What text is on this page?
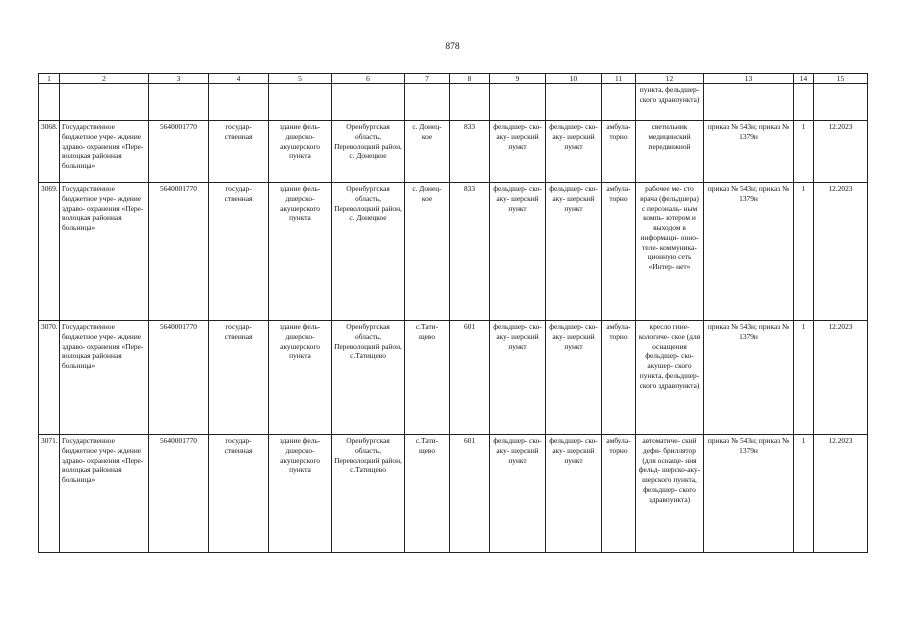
878
1	2	3	4	5	6	7	8	9	10	11	12	13	14	15
											пункта, фельдшер- ского здравпункта)			
3068.	Государственное бюджетное учре- ждение здраво- охранения «Пере- волоцкая районная больница»	5640001770	государ- ственная	здание фель- дшерско- акушерского пункта	Оренбургская область, Переволоцкий район, с. Донецкое	с. Донец- кое	833	фельдшер- ско-аку- шерский пункт	фельдшер- ско-аку- шерский пункт	амбула- торно	светильник медицинский передвижной	приказ № 543н; приказ № 1379н	1	12.2023
3069.	Государственное бюджетное учре- ждение здраво- охранения «Пере- волоцкая районная больница»	5640001770	государ- ственная	здание фель- дшерско- акушерского пункта	Оренбургская область, Переволоцкий район, с. Донецкое	с. Донец- кое	833	фельдшер- ско-аку- шерский пункт	фельдшер- ско-аку- шерский пункт	амбула- торно	рабочее ме- сто врача (фельдшера) с персональ- ным компь- ютером и выходом в информаци- онно-теле- коммуника- ционную сеть «Интер- нет»	приказ № 543н; приказ № 1379н	1	12.2023
3070.	Государственное бюджетное учре- ждение здраво- охранения «Пере- волоцкая районная больница»	5640001770	государ- ственная	здание фель- дшерско- акушерского пункта	Оренбургская область, Переволоцкий район, с.Татищево	с.Тати- щево	601	фельдшер- ско-аку- шерский пункт	фельдшер- ско-аку- шерский пункт	амбула- торно	кресло гине- кологиче- ское (для оснащения фельдшер- ско-акушер- ского пункта, фельдшер- ского здравпункта)	приказ № 543н; приказ № 1379н	1	12.2023
3071.	Государственное бюджетное учре- ждение здраво- охранения «Пере- волоцкая районная больница»	5640001770	государ- ственная	здание фель- дшерско- акушерского пункта	Оренбургская область, Переволоцкий район, с.Татищево	с.Тати- щево	601	фельдшер- ско-аку- шерский пункт	фельдшер- ско-аку- шерский пункт	амбула- торно	автоматиче- ский дефи- бриллятор (для оснаще- ния фельд- шерско-аку- шерского пункта, фельдшер- ского здравпункта)	приказ № 543н; приказ № 1379н	1	12.2023
